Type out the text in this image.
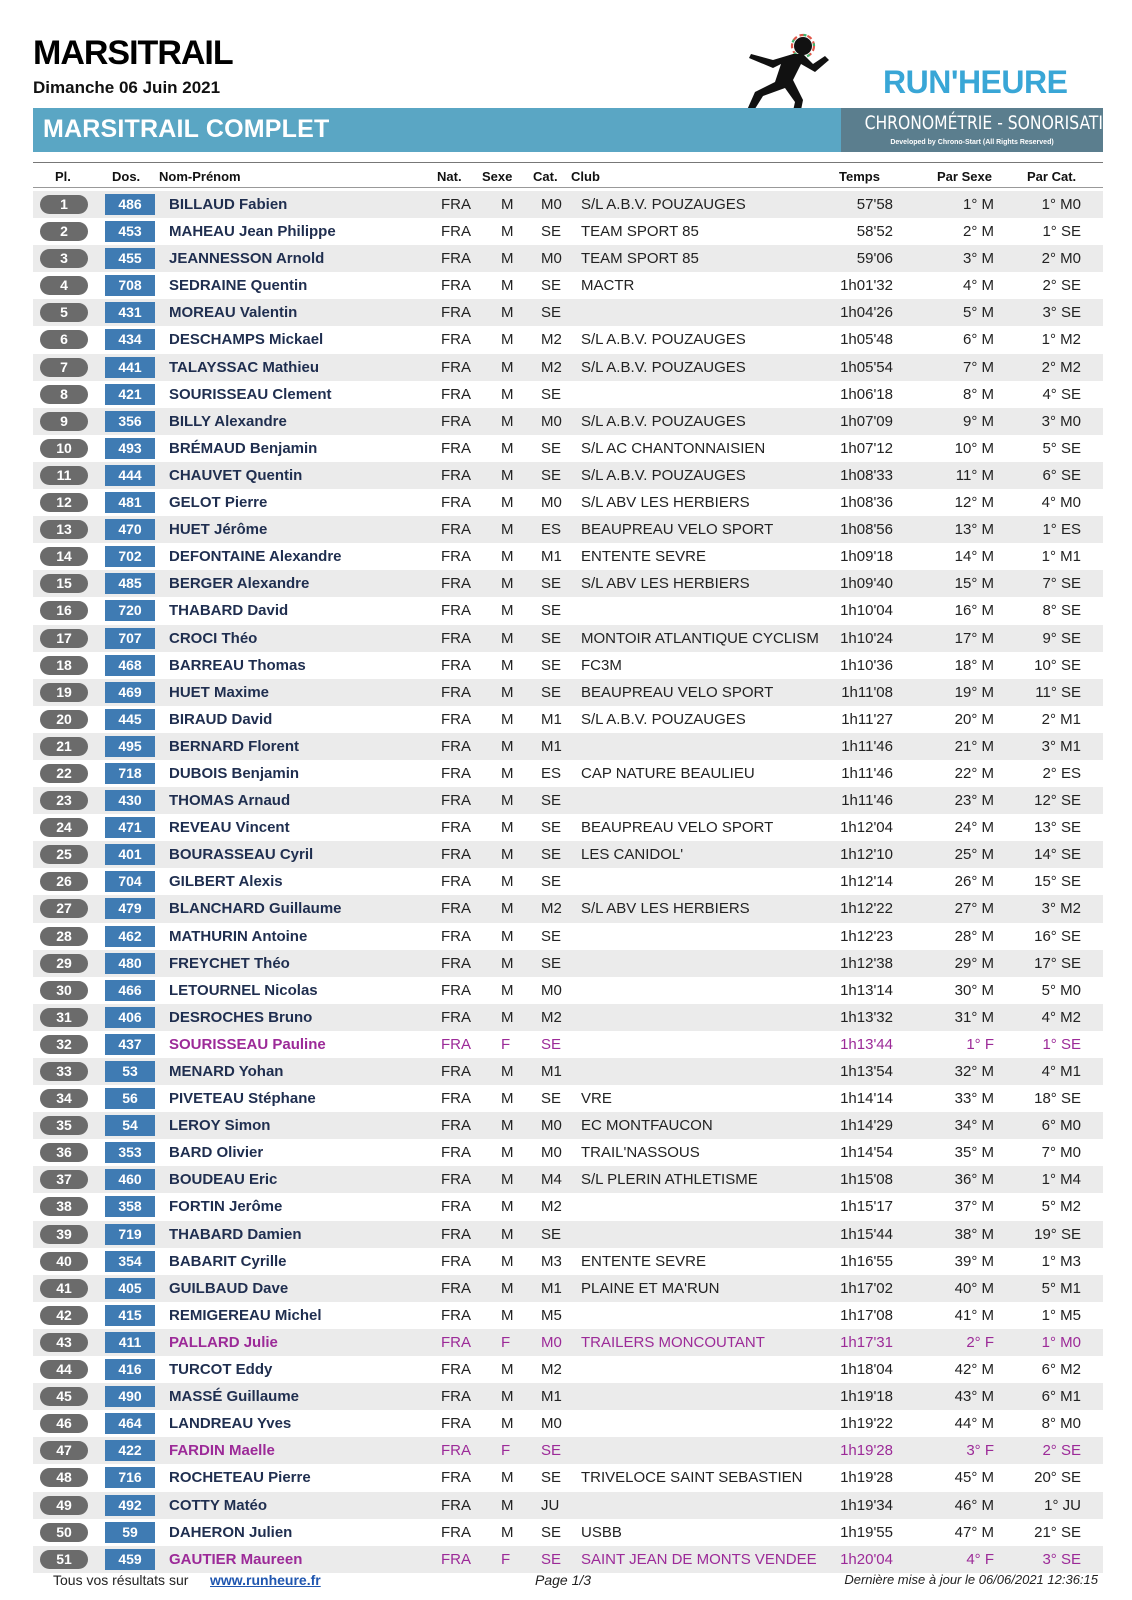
MARSITRAIL
Dimanche 06 Juin 2021	RUN'HEURE
MARSITRAIL COMPLET	CHRONOMÉTRIE - SONORISATION
Developed by Chrono-Start (All Rights Reserved)
Pl.	Dos. Nom-Prénom	Nat. Sexe Cat. Club	Temps	Par Sexe	Par Cat.
1	486	BILLAUD Fabien	FRA M M0 S/L A.B.V. POUZAUGES	57'58	1° M	1° M0
2	453	MAHEAU Jean Philippe	FRA M SE TEAM SPORT 85	58'52	2° M	1° SE
3	455	JEANNESSON Arnold	FRA M M0 TEAM SPORT 85	59'06	3° M	2° M0
4	708	SEDRAINE Quentin	FRA M SE MACTR	1h01'32	4° M	2° SE
5	431	MOREAU Valentin	FRA M SE	1h04'26	5° M	3° SE
6	434	DESCHAMPS Mickael	FRA M M2 S/L A.B.V. POUZAUGES	1h05'48	6° M	1° M2
7	441	TALAYSSAC Mathieu	FRA M M2 S/L A.B.V. POUZAUGES	1h05'54	7° M	2° M2
8	421	SOURISSEAU Clement	FRA M SE	1h06'18	8° M	4° SE
9	356	BILLY Alexandre	FRA M M0 S/L A.B.V. POUZAUGES	1h07'09	9° M	3° M0
10	493	BRÉMAUD Benjamin	FRA M SE S/L AC CHANTONNAISIEN	1h07'12	10° M	5° SE
11	444	CHAUVET Quentin	FRA M SE S/L A.B.V. POUZAUGES	1h08'33	11° M	6° SE
12	481	GELOT Pierre	FRA M M0 S/L ABV LES HERBIERS	1h08'36	12° M	4° M0
13	470	HUET Jérôme	FRA M ES BEAUPREAU VELO SPORT	1h08'56	13° M	1° ES
14	702	DEFONTAINE Alexandre	FRA M M1 ENTENTE SEVRE	1h09'18	14° M	1° M1
15	485	BERGER Alexandre	FRA M SE S/L ABV LES HERBIERS	1h09'40	15° M	7° SE
16	720	THABARD David	FRA M SE	1h10'04	16° M	8° SE
17	707	CROCI Théo	FRA M SE MONTOIR ATLANTIQUE CYCLISM	1h10'24	17° M	9° SE
18	468	BARREAU Thomas	FRA M SE FC3M	1h10'36	18° M	10° SE
19	469	HUET Maxime	FRA M SE BEAUPREAU VELO SPORT	1h11'08	19° M	11° SE
20	445	BIRAUD David	FRA M M1 S/L A.B.V. POUZAUGES	1h11'27	20° M	2° M1
21	495	BERNARD Florent	FRA M M1	1h11'46	21° M	3° M1
22	718	DUBOIS Benjamin	FRA M ES CAP NATURE BEAULIEU	1h11'46	22° M	2° ES
23	430	THOMAS Arnaud	FRA M SE	1h11'46	23° M	12° SE
24	471	REVEAU Vincent	FRA M SE BEAUPREAU VELO SPORT	1h12'04	24° M	13° SE
25	401	BOURASSEAU Cyril	FRA M SE LES CANIDOL'	1h12'10	25° M	14° SE
26	704	GILBERT Alexis	FRA M SE	1h12'14	26° M	15° SE
27	479	BLANCHARD Guillaume	FRA M M2 S/L ABV LES HERBIERS	1h12'22	27° M	3° M2
28	462	MATHURIN Antoine	FRA M SE	1h12'23	28° M	16° SE
29	480	FREYCHET Théo	FRA M SE	1h12'38	29° M	17° SE
30	466	LETOURNEL Nicolas	FRA M M0	1h13'14	30° M	5° M0
31	406	DESROCHES Bruno	FRA M M2	1h13'32	31° M	4° M2
32	437	SOURISSEAU Pauline	FRA F SE	1h13'44	1° F	1° SE
33	53	MENARD Yohan	FRA M M1	1h13'54	32° M	4° M1
34	56	PIVETEAU Stéphane	FRA M SE VRE	1h14'14	33° M	18° SE
35	54	LEROY Simon	FRA M M0 EC MONTFAUCON	1h14'29	34° M	6° M0
36	353	BARD Olivier	FRA M M0 TRAIL'NASSOUS	1h14'54	35° M	7° M0
37	460	BOUDEAU Eric	FRA M M4 S/L PLERIN ATHLETISME	1h15'08	36° M	1° M4
38	358	FORTIN Jerôme	FRA M M2	1h15'17	37° M	5° M2
39	719	THABARD Damien	FRA M SE	1h15'44	38° M	19° SE
40	354	BABARIT Cyrille	FRA M M3 ENTENTE SEVRE	1h16'55	39° M	1° M3
41	405	GUILBAUD Dave	FRA M M1 PLAINE ET MA'RUN	1h17'02	40° M	5° M1
42	415	REMIGEREAU Michel	FRA M M5	1h17'08	41° M	1° M5
43	411	PALLARD Julie	FRA F M0 TRAILERS MONCOUTANT	1h17'31	2° F	1° M0
44	416	TURCOT Eddy	FRA M M2	1h18'04	42° M	6° M2
45	490	MASSÉ Guillaume	FRA M M1	1h19'18	43° M	6° M1
46	464	LANDREAU Yves	FRA M M0	1h19'22	44° M	8° M0
47	422	FARDIN Maelle	FRA F SE	1h19'28	3° F	2° SE
48	716	ROCHETEAU Pierre	FRA M SE TRIVELOCE SAINT SEBASTIEN	1h19'28	45° M	20° SE
49	492	COTTY Matéo	FRA M JU	1h19'34	46° M	1° JU
50	59	DAHERON Julien	FRA M SE USBB	1h19'55	47° M	21° SE
51	459	GAUTIER Maureen	FRA F SE SAINT JEAN DE MONTS VENDEE	1h20'04	4° F	3° SE
Tous vos résultats sur www.runheure.fr	Page 1/3	Dernière mise à jour le 06/06/2021 12:36:15
